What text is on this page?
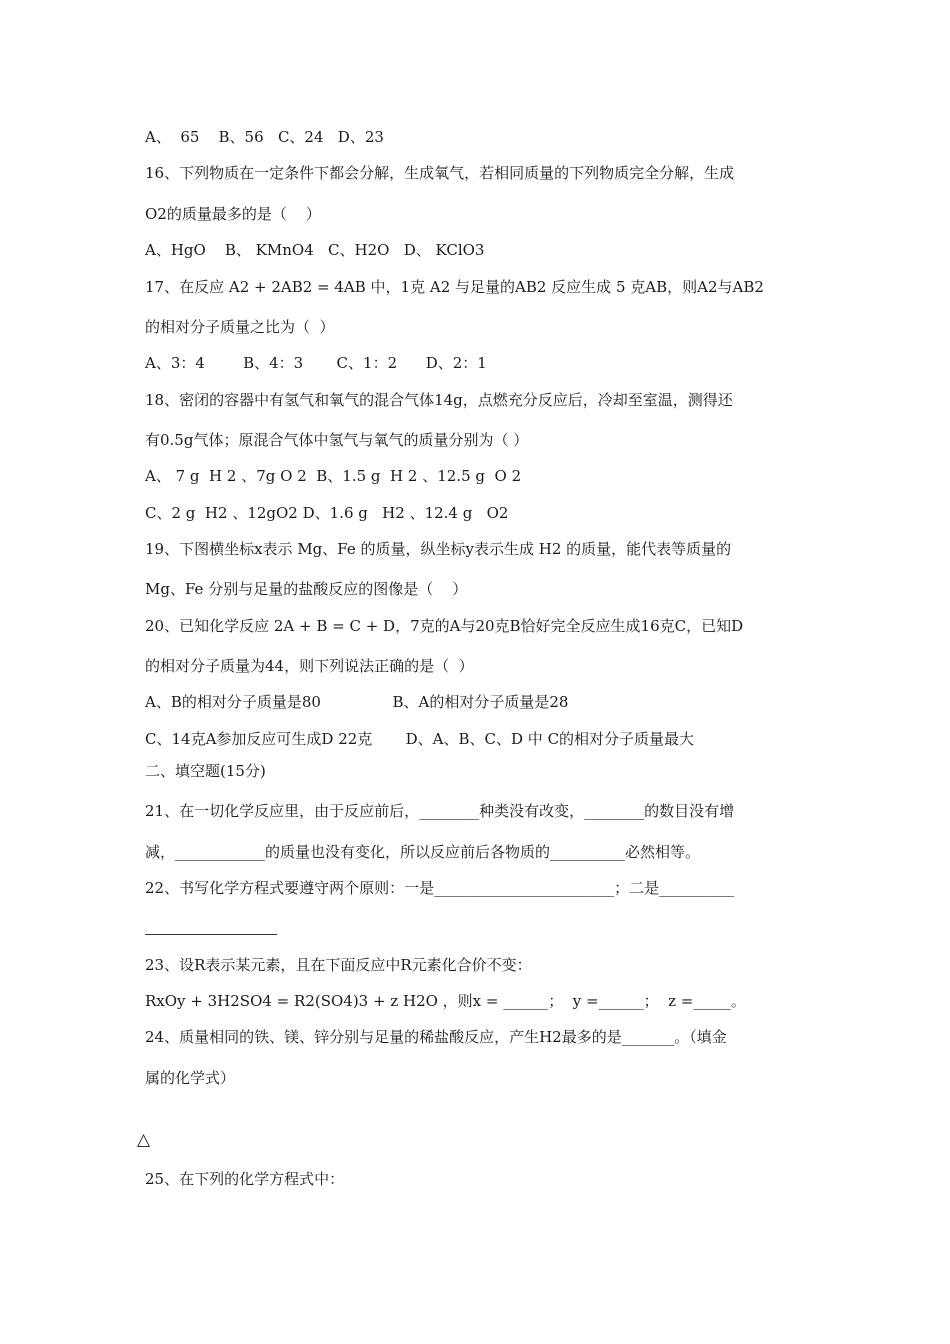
A、  65    B、56   C、24   D、23
16、下列物质在一定条件下都会分解，生成氧气，若相同质量的下列物质完全分解，生成
O2的质量最多的是（    ）
A、HgO    B、 KMnO4   C、H2O   D、 KClO3
17、在反应 A2 + 2AB2 = 4AB 中，1克 A2 与足量的AB2 反应生成 5 克AB，则A2与AB2
的相对分子质量之比为（  ）
A、3：4        B、4：3       C、1：2      D、2：1
18、密闭的容器中有氢气和氧气的混合气体14g，点燃充分反应后，冷却至室温，测得还
有0.5g气体；原混合气体中氢气与氧气的质量分别为（ ）
A、 7 g  H 2 、7g O 2  B、1.5 g  H 2 、12.5 g  O 2
C、2 g  H2 、12gO2 D、1.6 g   H2 、12.4 g   O2
19、下图横坐标x表示 Mg、Fe 的质量，纵坐标y表示生成 H2 的质量，能代表等质量的
Mg、Fe 分别与足量的盐酸反应的图像是（    ）
20、已知化学反应 2A + B = C + D，7克的A与20克B恰好完全反应生成16克C，已知D
的相对分子质量为44，则下列说法正确的是（  ）
A、B的相对分子质量是80               B、A的相对分子质量是28
C、14克A参加反应可生成D 22克       D、A、B、C、D 中 C的相对分子质量最大
二、填空题(15分)
21、在一切化学反应里，由于反应前后，________种类没有改变，________的数目没有增
减，____________的质量也没有变化，所以反应前后各物质的__________必然相等。
22、书写化学方程式要遵守两个原则：一是________________________；二是__________
23、设R表示某元素，且在下面反应中R元素化合价不变：
RxOy + 3H2SO4 = R2(SO4)3 + z H2O ，则x = ______；  y =______；  z =_____。
24、质量相同的铁、镁、锌分别与足量的稀盐酸反应，产生H2最多的是_______。（填金
属的化学式）
△
25、在下列的化学方程式中：
